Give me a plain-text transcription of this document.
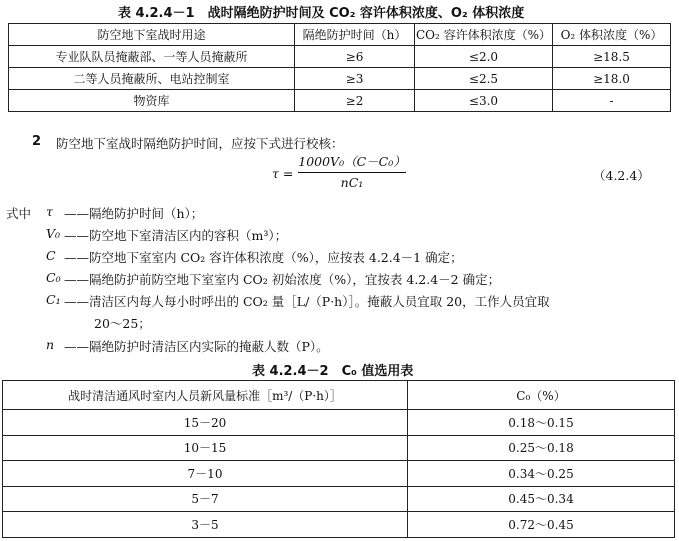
表 4.2.4－1　战时隔绝防护时间及 CO₂ 容许体积浓度、O₂ 体积浓度
防空地下室战时用途	隔绝防护时间（h）	CO₂ 容许体积浓度（%）	O₂ 体积浓度（%）
专业队队员掩蔽部、一等人员掩蔽所	≥6	≤2.0	≥18.5
二等人员掩蔽所、电站控制室	≥3	≤2.5	≥18.0
物资库	≥2	≤3.0	-
2 防空地下室战时隔绝防护时间，应按下式进行校核：
τ =
1000V₀（C－C₀）
nC₁	（4.2.4）
式中 τ ——隔绝防护时间（h）；
V₀ ——防空地下室清洁区内的容积（m³）；
C ——防空地下室室内 CO₂ 容许体积浓度（%），应按表 4.2.4－1 确定；
C₀ ——隔绝防护前防空地下室室内 CO₂ 初始浓度（%），宜按表 4.2.4－2 确定；
C₁ ——清洁区内每人每小时呼出的 CO₂ 量［L/（P·h）］。掩蔽人员宜取 20，工作人员宜取
20～25；
n ——隔绝防护时清洁区内实际的掩蔽人数（P）。
表 4.2.4－2　C₀ 值选用表
战时清洁通风时室内人员新风量标准［m³/（P·h）］	C₀（%）
15－20	0.18～0.15
10－15	0.25～0.18
7－10	0.34～0.25
5－7	0.45～0.34
3－5	0.72～0.45
